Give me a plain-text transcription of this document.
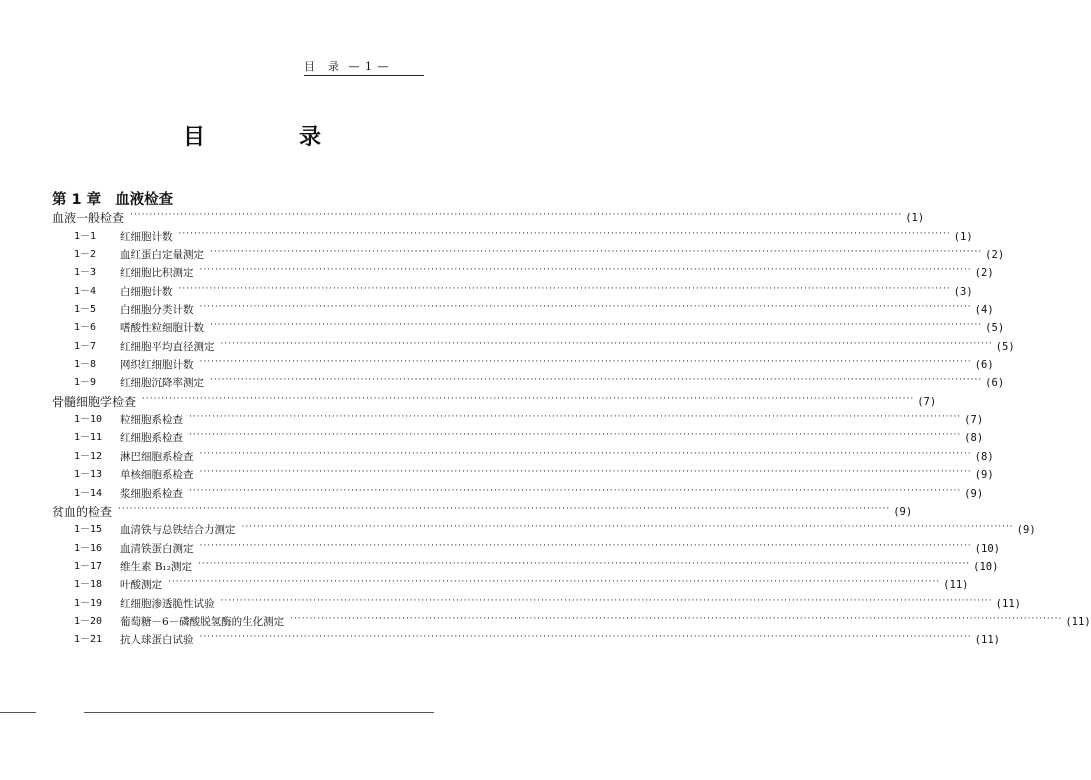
目　录 — 1 —
目　录
第 1 章 血液检查
血液一般检查 ········································································································································································································ (1)
1－1	红细胞计数 ········································································································································································································ (1)
1－2	血红蛋白定量测定 ········································································································································································································ (2)
1－3	红细胞比积测定 ········································································································································································································ (2)
1－4	白细胞计数 ········································································································································································································ (3)
1－5	白细胞分类计数 ········································································································································································································ (4)
1－6	嗜酸性粒细胞计数 ········································································································································································································ (5)
1－7	红细胞平均直径测定 ········································································································································································································ (5)
1－8	网织红细胞计数 ········································································································································································································ (6)
1－9	红细胞沉降率测定 ········································································································································································································ (6)
骨髓细胞学检查 ········································································································································································································ (7)
1－10	粒细胞系检查 ········································································································································································································ (7)
1－11	红细胞系检查 ········································································································································································································ (8)
1－12	淋巴细胞系检查 ········································································································································································································ (8)
1－13	单核细胞系检查 ········································································································································································································ (9)
1－14	浆细胞系检查 ········································································································································································································ (9)
贫血的检查 ········································································································································································································ (9)
1－15	血清铁与总铁结合力测定 ········································································································································································································ (9)
1－16	血清铁蛋白测定 ········································································································································································································ (10)
1－17	维生素 B₁₂测定 ········································································································································································································ (10)
1－18	叶酸测定 ········································································································································································································ (11)
1－19	红细胞渗透脆性试验 ········································································································································································································ (11)
1－20	葡萄糖－6－磷酸脱氢酶的生化测定 ········································································································································································································ (11)
1－21	抗人球蛋白试验 ········································································································································································································ (11)
